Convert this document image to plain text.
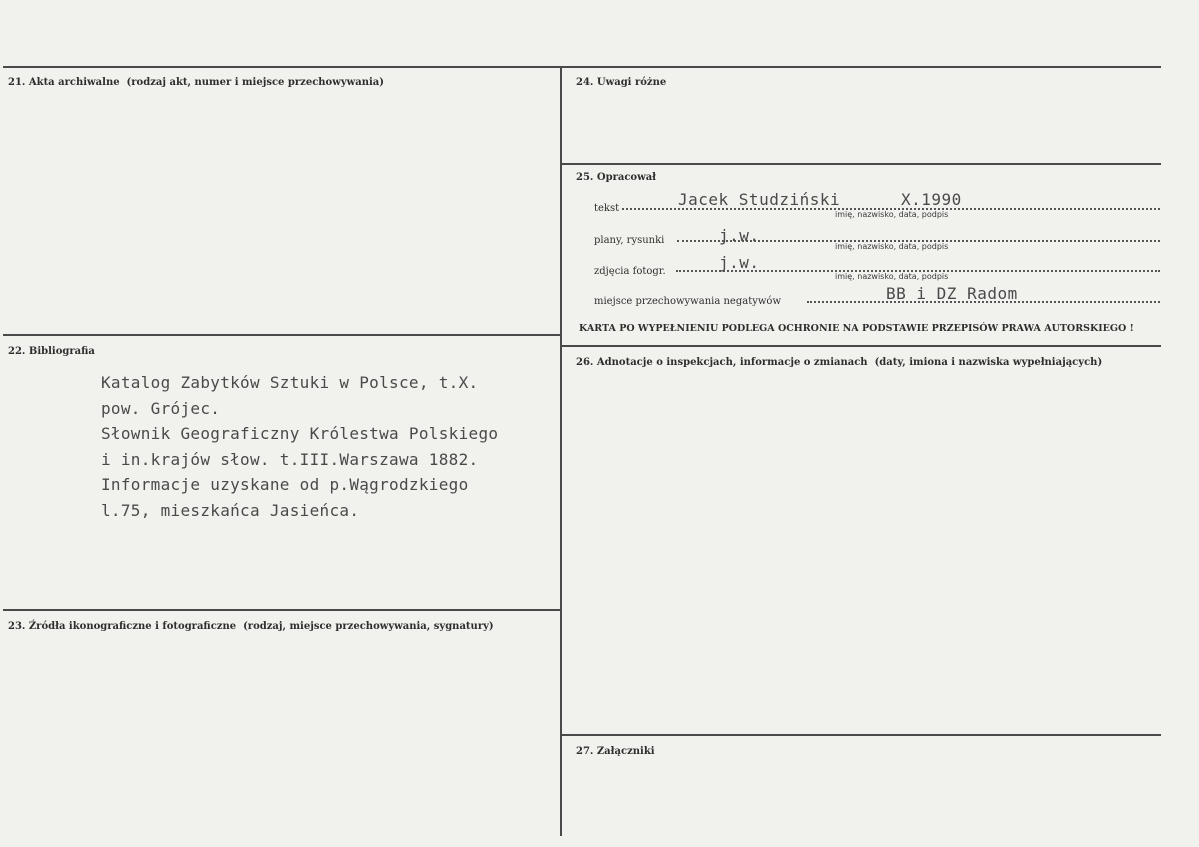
21. Akta archiwalne (rodzaj akt, numer i miejsce przechowywania)
22. Bibliografia
23. Źródła ikonograficzne i fotograficzne (rodzaj, miejsce przechowywania, sygnatury)
Katalog Zabytków Sztuki w Polsce, t.X.
pow. Grójec.
Słownik Geograficzny Królestwa Polskiego
i in.krajów słow. t.III.Warszawa 1882.
Informacje uzyskane od p.Wągrodzkiego
l.75, mieszkańca Jasieńca.
24. Uwagi różne
25. Opracował
26. Adnotacje o inspekcjach, informacje o zmianach (daty, imiona i nazwiska wypełniających)
27. Załączniki
tekst	Jacek Studziński	X.1990
imię, nazwisko, data, podpis
plany, rysunki	j.w.
imię, nazwisko, data, podpis
zdjęcia fotogr.	j.w.
imię, nazwisko, data, podpis
miejsce przechowywania negatywów	BB i DZ Radom
KARTA PO WYPEŁNIENIU PODLEGA OCHRONIE NA PODSTAWIE PRZEPISÓW PRAWA AUTORSKIEGO !
